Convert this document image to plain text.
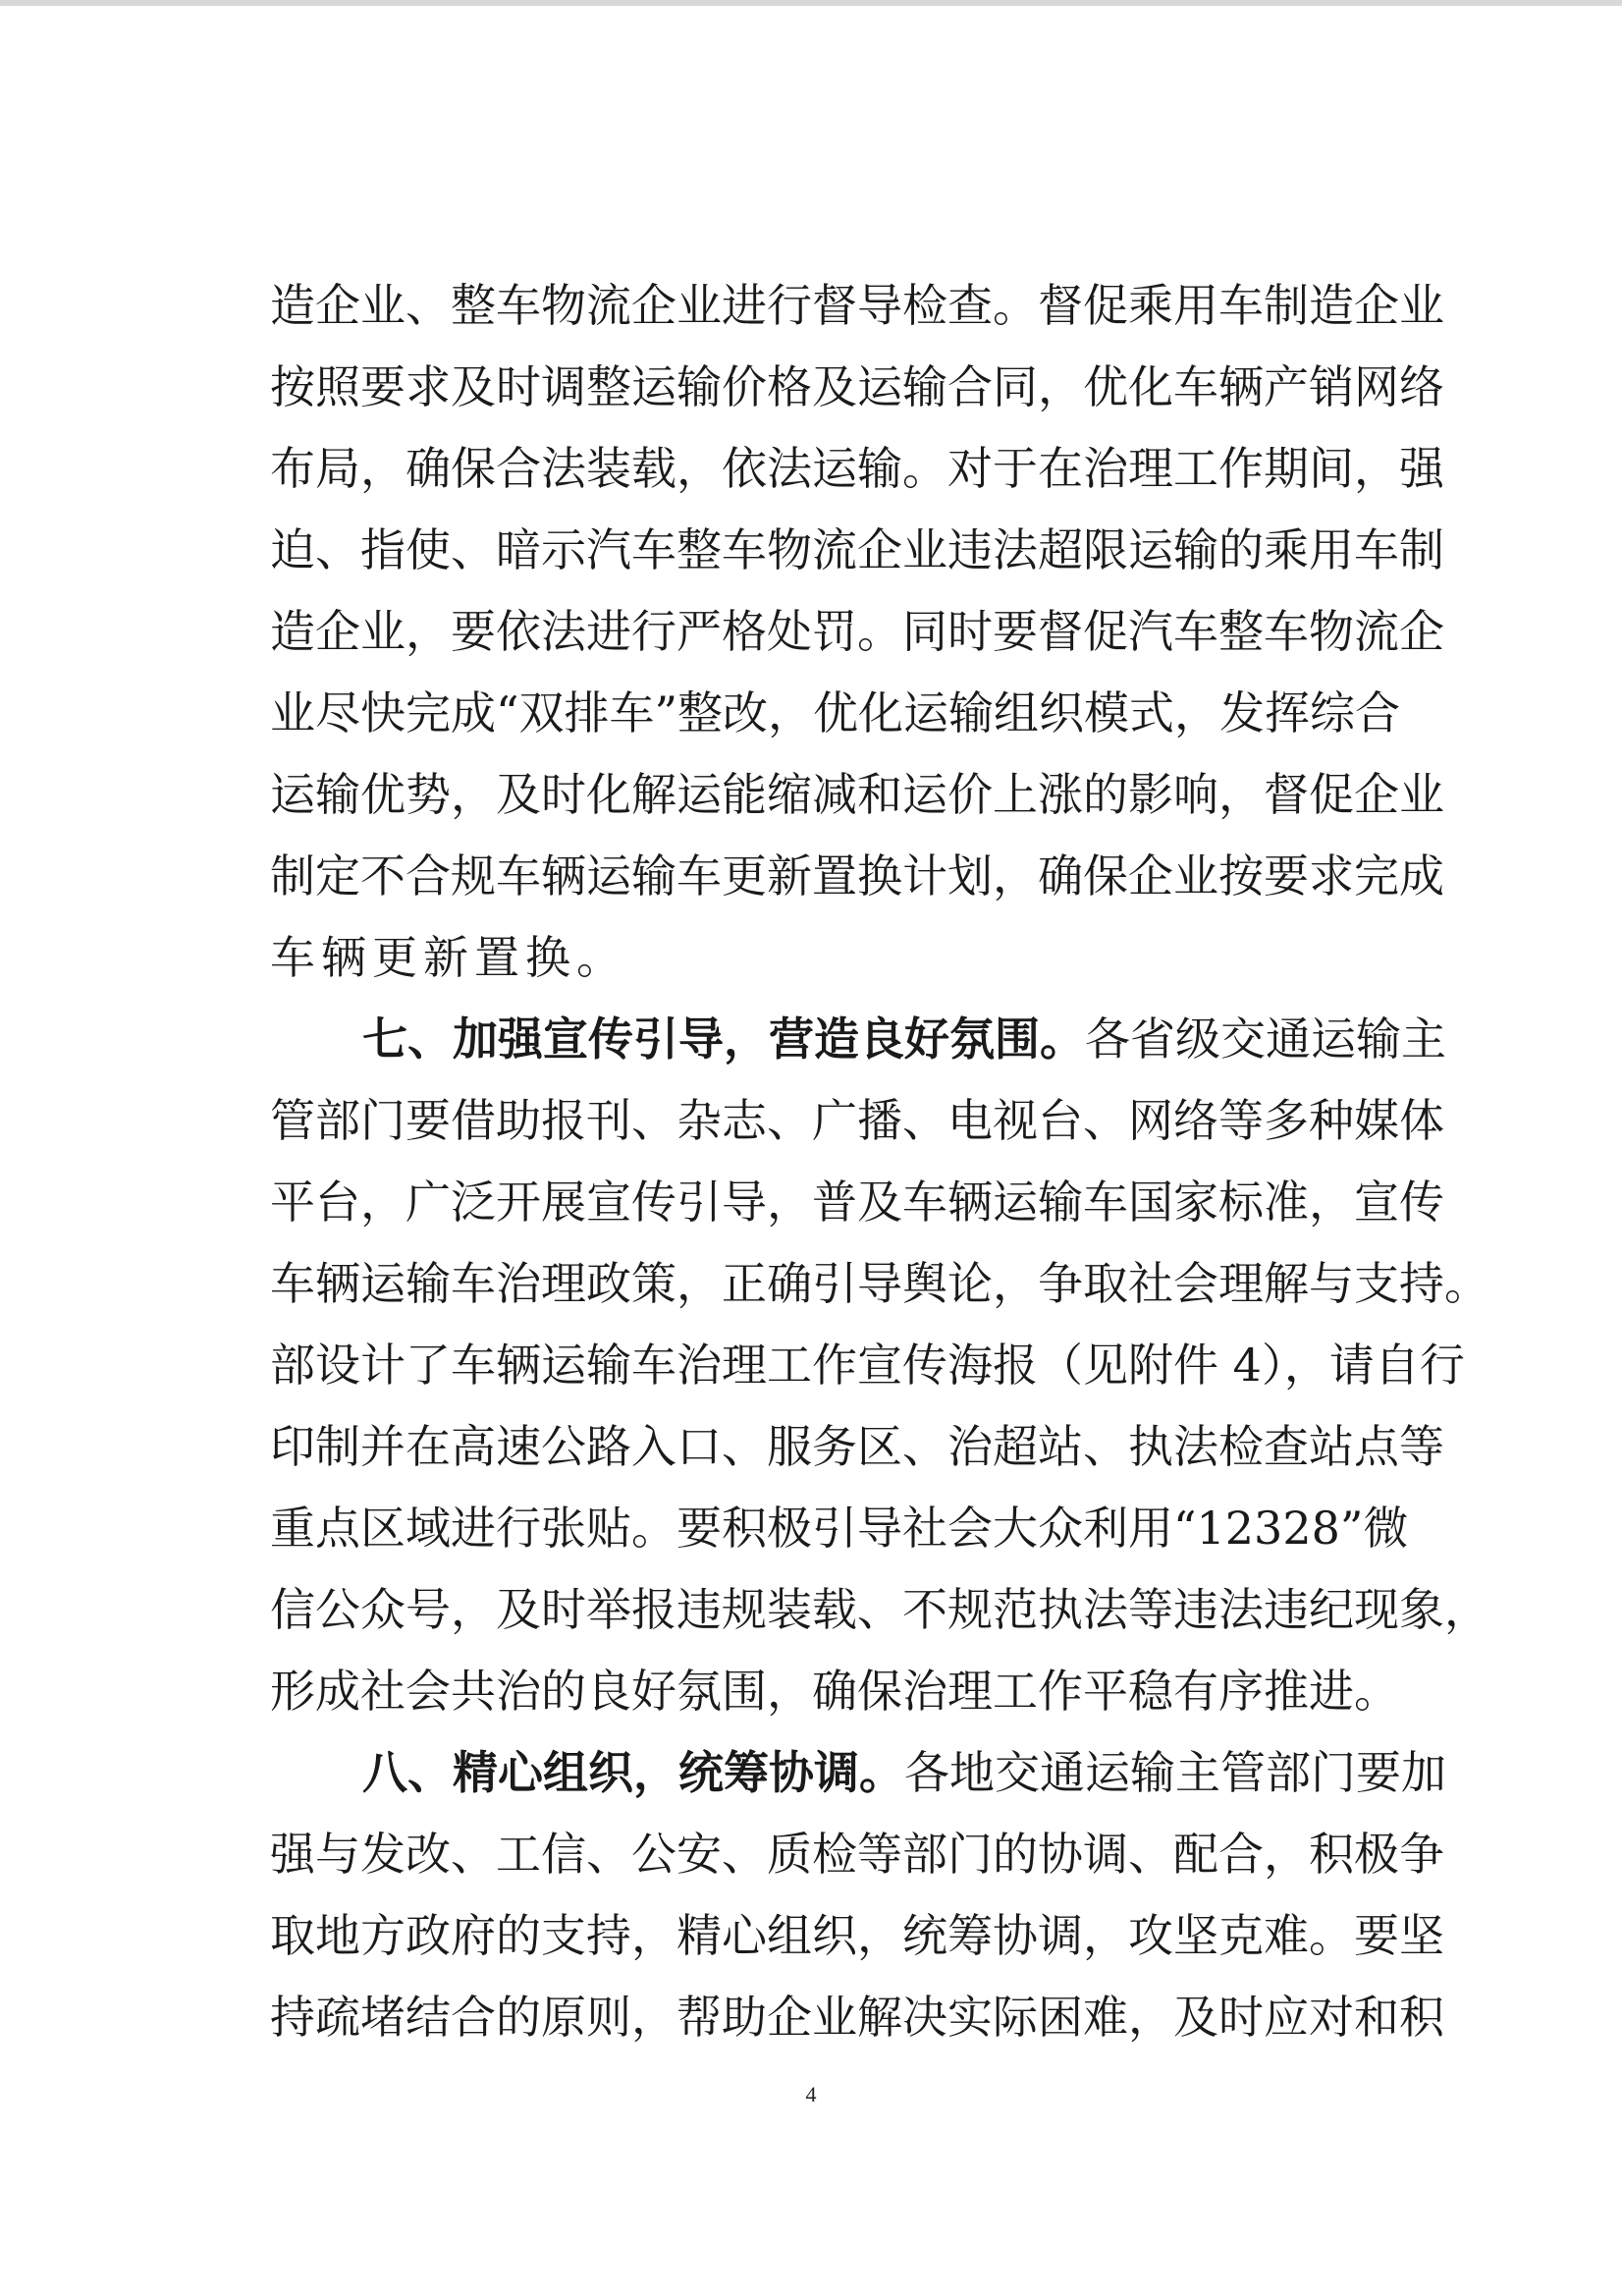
造企业、整车物流企业进行督导检查。督促乘用车制造企业
按照要求及时调整运输价格及运输合同，优化车辆产销网络
布局，确保合法装载，依法运输。对于在治理工作期间，强
迫、指使、暗示汽车整车物流企业违法超限运输的乘用车制
造企业，要依法进行严格处罚。同时要督促汽车整车物流企
业尽快完成“双排车”整改，优化运输组织模式，发挥综合
运输优势，及时化解运能缩减和运价上涨的影响，督促企业
制定不合规车辆运输车更新置换计划，确保企业按要求完成
车辆更新置换。
七、加强宣传引导，营造良好氛围。各省级交通运输主
管部门要借助报刊、杂志、广播、电视台、网络等多种媒体
平台，广泛开展宣传引导，普及车辆运输车国家标准，宣传
车辆运输车治理政策，正确引导舆论，争取社会理解与支持。
部设计了车辆运输车治理工作宣传海报（见附件 4），请自行
印制并在高速公路入口、服务区、治超站、执法检查站点等
重点区域进行张贴。要积极引导社会大众利用“12328”微
信公众号，及时举报违规装载、不规范执法等违法违纪现象，
形成社会共治的良好氛围，确保治理工作平稳有序推进。
八、精心组织，统筹协调。各地交通运输主管部门要加
强与发改、工信、公安、质检等部门的协调、配合，积极争
取地方政府的支持，精心组织，统筹协调，攻坚克难。要坚
持疏堵结合的原则，帮助企业解决实际困难，及时应对和积
4
